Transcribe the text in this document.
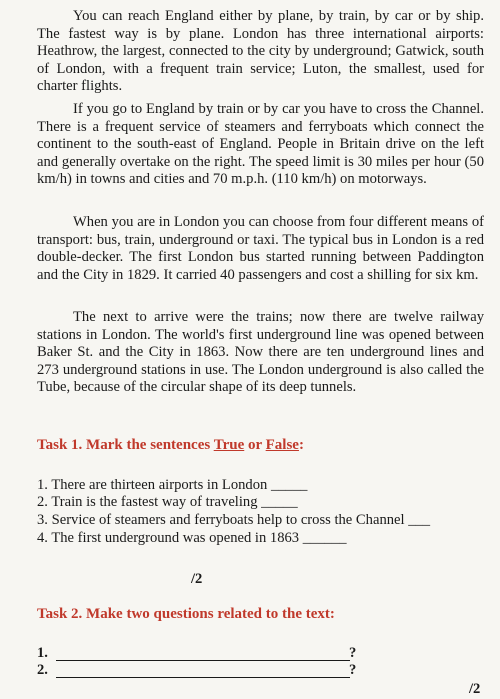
You can reach England either by plane, by train, by car or by ship. The fastest way is by plane. London has three international airports: Heathrow, the largest, connected to the city by underground; Gatwick, south of London, with a frequent train service; Luton, the smallest, used for charter flights.

If you go to England by train or by car you have to cross the Channel. There is a frequent service of steamers and ferryboats which connect the continent to the south-east of England. People in Britain drive on the left and generally overtake on the right. The speed limit is 30 miles per hour (50 km/h) in towns and cities and 70 m.p.h. (110 km/h) on motorways.

When you are in London you can choose from four different means of transport: bus, train, underground or taxi. The typical bus in London is a red double-decker. The first London bus started running between Paddington and the City in 1829. It carried 40 passengers and cost a shilling for six km.

The next to arrive were the trains; now there are twelve railway stations in London. The world's first underground line was opened between Baker St. and the City in 1863. Now there are ten underground lines and 273 underground stations in use. The London underground is also called the Tube, because of the circular shape of its deep tunnels.

Task 1. Mark the sentences True or False:

1. There are thirteen airports in London _____

2. Train is the fastest way of traveling _____

3. Service of steamers and ferryboats help to cross the Channel ___

4. The first underground was opened in 1863 ______

/2

Task 2. Make two questions related to the text:

1.	?
2.	?

/2
